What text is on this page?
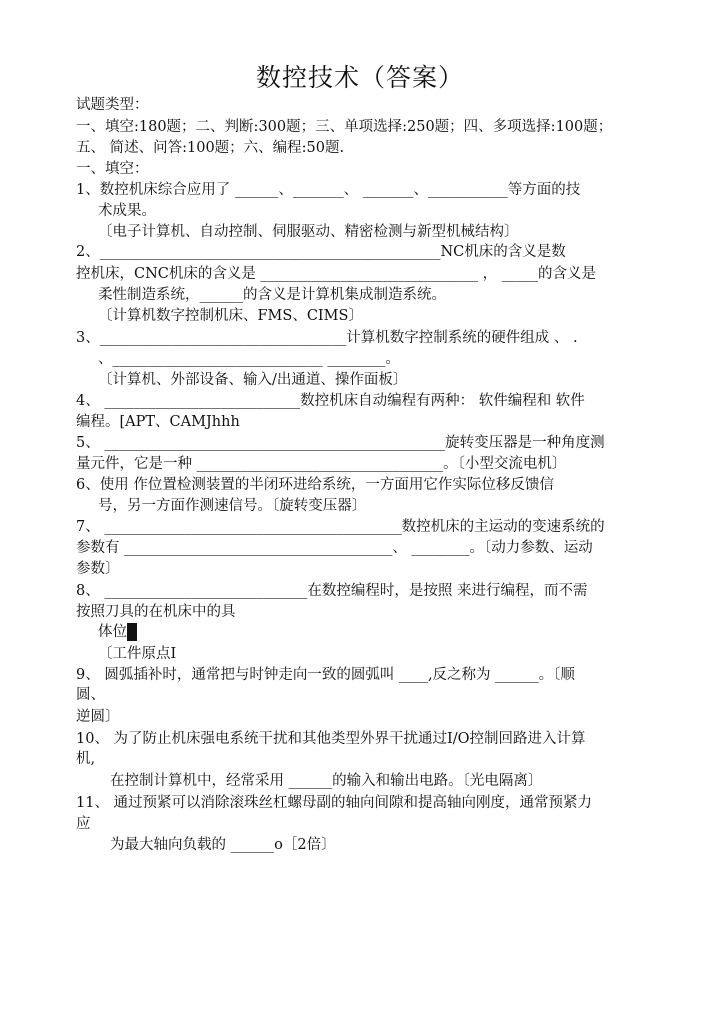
数控技术（答案）
试题类型：
一、填空:180题；二、判断:300题；三、单项选择:250题；四、多项选择:100题；
五、 简述、问答:100题；六、编程:50题.
一、填空：
1、数控机床综合应用了 ______、_______、 _______、___________等方面的技
术成果。
〔电子计算机、自动控制、伺服驱动、精密检测与新型机械结构〕
2、_______________________________________________NC机床的含义是数
控机床，CNC机床的含义是 ______________________________ ， _____的含义是
柔性制造系统，______的含义是计算机集成制造系统。
〔计算机数字控制机床、FMS、CIMS〕
3、__________________________________计算机数字控制系统的硬件组成 、 .
、_____________________________ ________。
〔计算机、外部设备、输入/出通道、操作面板〕
4、 ___________________________数控机床自动编程有两种： 软件编程和 软件
编程。[APT、CAMJhhh
5、 _______________________________________________旋转变压器是一种角度测
量元件，它是一种 __________________________________。〔小型交流电机〕
6、使用 作位置检测装置的半闭环进给系统，一方面用它作实际位移反馈信
号，另一方面作测速信号。〔旋转变压器〕
7、 _________________________________________数控机床的主运动的变速系统的
参数有 _____________________________________、 ________。〔动力参数、运动
参数〕
8、 ____________________________在数控编程时，是按照 来进行编程，而不需
按照刀具的在机床中的具
体位
〔工件原点I
9、 圆弧插补时，通常把与时钟走向一致的圆弧叫 ____,反之称为 ______。〔顺
圆、
逆圆〕
10、 为了防止机床强电系统干扰和其他类型外界干扰通过I/O控制回路进入计算
机,
在控制计算机中，经常采用 ______的输入和输出电路。〔光电隔离〕
11、 通过预紧可以消除滚珠丝杠螺母副的轴向间隙和提高轴向刚度，通常预紧力
应
为最大轴向负载的 ______o［2倍〕
